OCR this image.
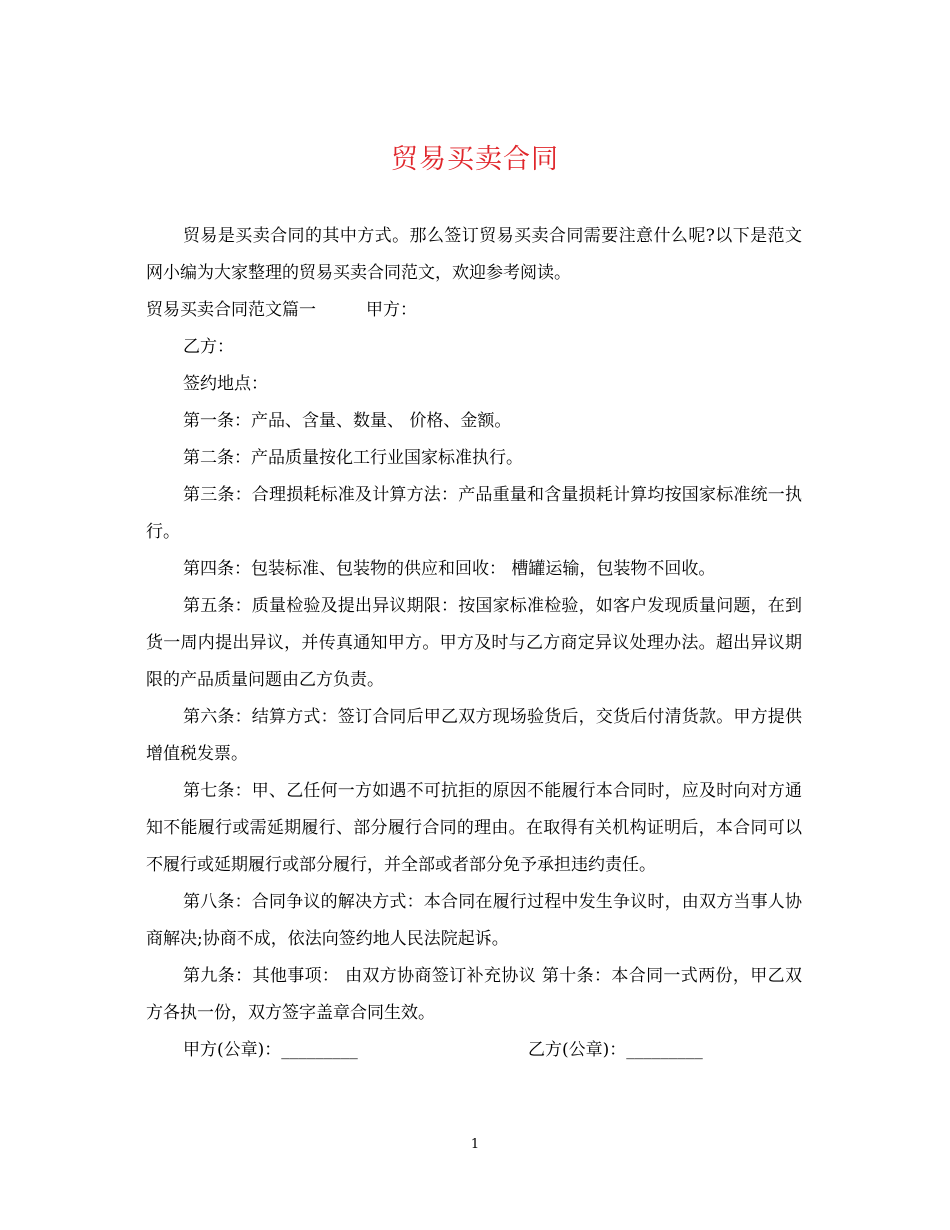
贸易买卖合同

贸易是买卖合同的其中方式。那么签订贸易买卖合同需要注意什么呢?以下是范文网小编为大家整理的贸易买卖合同范文，欢迎参考阅读。

贸易买卖合同范文篇一	甲方：

乙方：

签约地点：

第一条：产品、含量、数量、 价格、金额。

第二条：产品质量按化工行业国家标准执行。

第三条：合理损耗标准及计算方法：产品重量和含量损耗计算均按国家标准统一执行。

第四条：包装标准、包装物的供应和回收： 槽罐运输，包装物不回收。

第五条：质量检验及提出异议期限：按国家标准检验，如客户发现质量问题，在到货一周内提出异议，并传真通知甲方。甲方及时与乙方商定异议处理办法。超出异议期限的产品质量问题由乙方负责。

第六条：结算方式：签订合同后甲乙双方现场验货后，交货后付清货款。甲方提供增值税发票。

第七条：甲、乙任何一方如遇不可抗拒的原因不能履行本合同时，应及时向对方通知不能履行或需延期履行、部分履行合同的理由。在取得有关机构证明后，本合同可以不履行或延期履行或部分履行，并全部或者部分免予承担违约责任。

第八条：合同争议的解决方式：本合同在履行过程中发生争议时，由双方当事人协商解决;协商不成，依法向签约地人民法院起诉。

第九条：其他事项： 由双方协商签订补充协议 第十条：本合同一式两份，甲乙双方各执一份，双方签字盖章合同生效。

甲方(公章)：_________	乙方(公章)：_________
1
